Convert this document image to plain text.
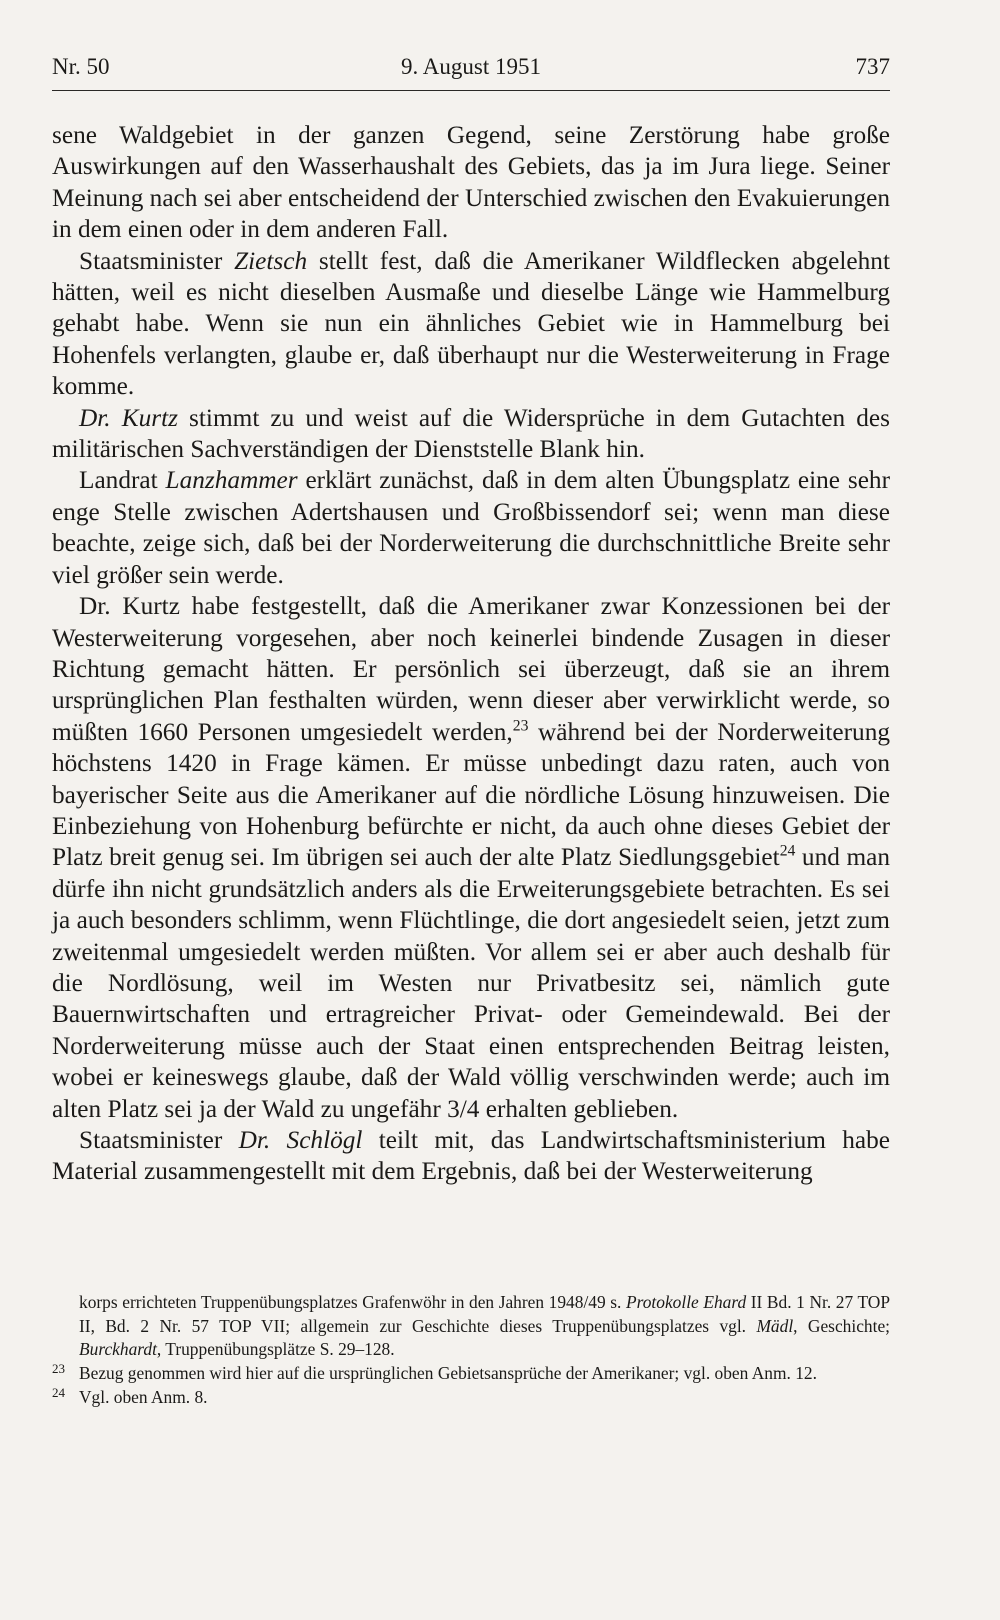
Nr. 50	9. August 1951	737

sene Waldgebiet in der ganzen Gegend, seine Zerstörung habe große Auswirkungen auf den Wasserhaushalt des Gebiets, das ja im Jura liege. Seiner Meinung nach sei aber entscheidend der Unterschied zwischen den Evakuierungen in dem einen oder in dem anderen Fall.

Staatsminister Zietsch stellt fest, daß die Amerikaner Wildflecken abgelehnt hätten, weil es nicht dieselben Ausmaße und dieselbe Länge wie Hammelburg gehabt habe. Wenn sie nun ein ähnliches Gebiet wie in Hammelburg bei Hohenfels verlangten, glaube er, daß überhaupt nur die Westerweiterung in Frage komme.

Dr. Kurtz stimmt zu und weist auf die Widersprüche in dem Gutachten des militärischen Sachverständigen der Dienststelle Blank hin.

Landrat Lanzhammer erklärt zunächst, daß in dem alten Übungsplatz eine sehr enge Stelle zwischen Adertshausen und Großbissendorf sei; wenn man diese beachte, zeige sich, daß bei der Norderweiterung die durchschnittliche Breite sehr viel größer sein werde.

Dr. Kurtz habe festgestellt, daß die Amerikaner zwar Konzessionen bei der Westerweiterung vorgesehen, aber noch keinerlei bindende Zusagen in dieser Richtung gemacht hätten. Er persönlich sei überzeugt, daß sie an ihrem ursprünglichen Plan festhalten würden, wenn dieser aber verwirklicht werde, so müßten 1660 Personen umgesiedelt werden,$^{23}$ während bei der Norderweiterung höchstens 1420 in Frage kämen. Er müsse unbedingt dazu raten, auch von bayerischer Seite aus die Amerikaner auf die nördliche Lösung hinzuweisen. Die Einbeziehung von Hohenburg befürchte er nicht, da auch ohne dieses Gebiet der Platz breit genug sei. Im übrigen sei auch der alte Platz Siedlungsgebiet$^{24}$ und man dürfe ihn nicht grundsätzlich anders als die Erweiterungsgebiete betrachten. Es sei ja auch besonders schlimm, wenn Flüchtlinge, die dort angesiedelt seien, jetzt zum zweitenmal umgesiedelt werden müßten. Vor allem sei er aber auch deshalb für die Nordlösung, weil im Westen nur Privatbesitz sei, nämlich gute Bauernwirtschaften und ertragreicher Privat- oder Gemeindewald. Bei der Norderweiterung müsse auch der Staat einen entsprechenden Beitrag leisten, wobei er keineswegs glaube, daß der Wald völlig verschwinden werde; auch im alten Platz sei ja der Wald zu ungefähr 3/4 erhalten geblieben.

Staatsminister Dr. Schlögl teilt mit, das Landwirtschaftsministerium habe Material zusammengestellt mit dem Ergebnis, daß bei der Westerweiterung

korps errichteten Truppenübungsplatzes Grafenwöhr in den Jahren 1948/49 s. Protokolle Ehard II Bd. 1 Nr. 27 TOP II, Bd. 2 Nr. 57 TOP VII; allgemein zur Geschichte dieses Truppenübungsplatzes vgl. Mädl, Geschichte; Burckhardt, Truppenübungsplätze S. 29–128.
$^{23}$ Bezug genommen wird hier auf die ursprünglichen Gebietsansprüche der Amerikaner; vgl. oben Anm. 12.
$^{24}$ Vgl. oben Anm. 8.
